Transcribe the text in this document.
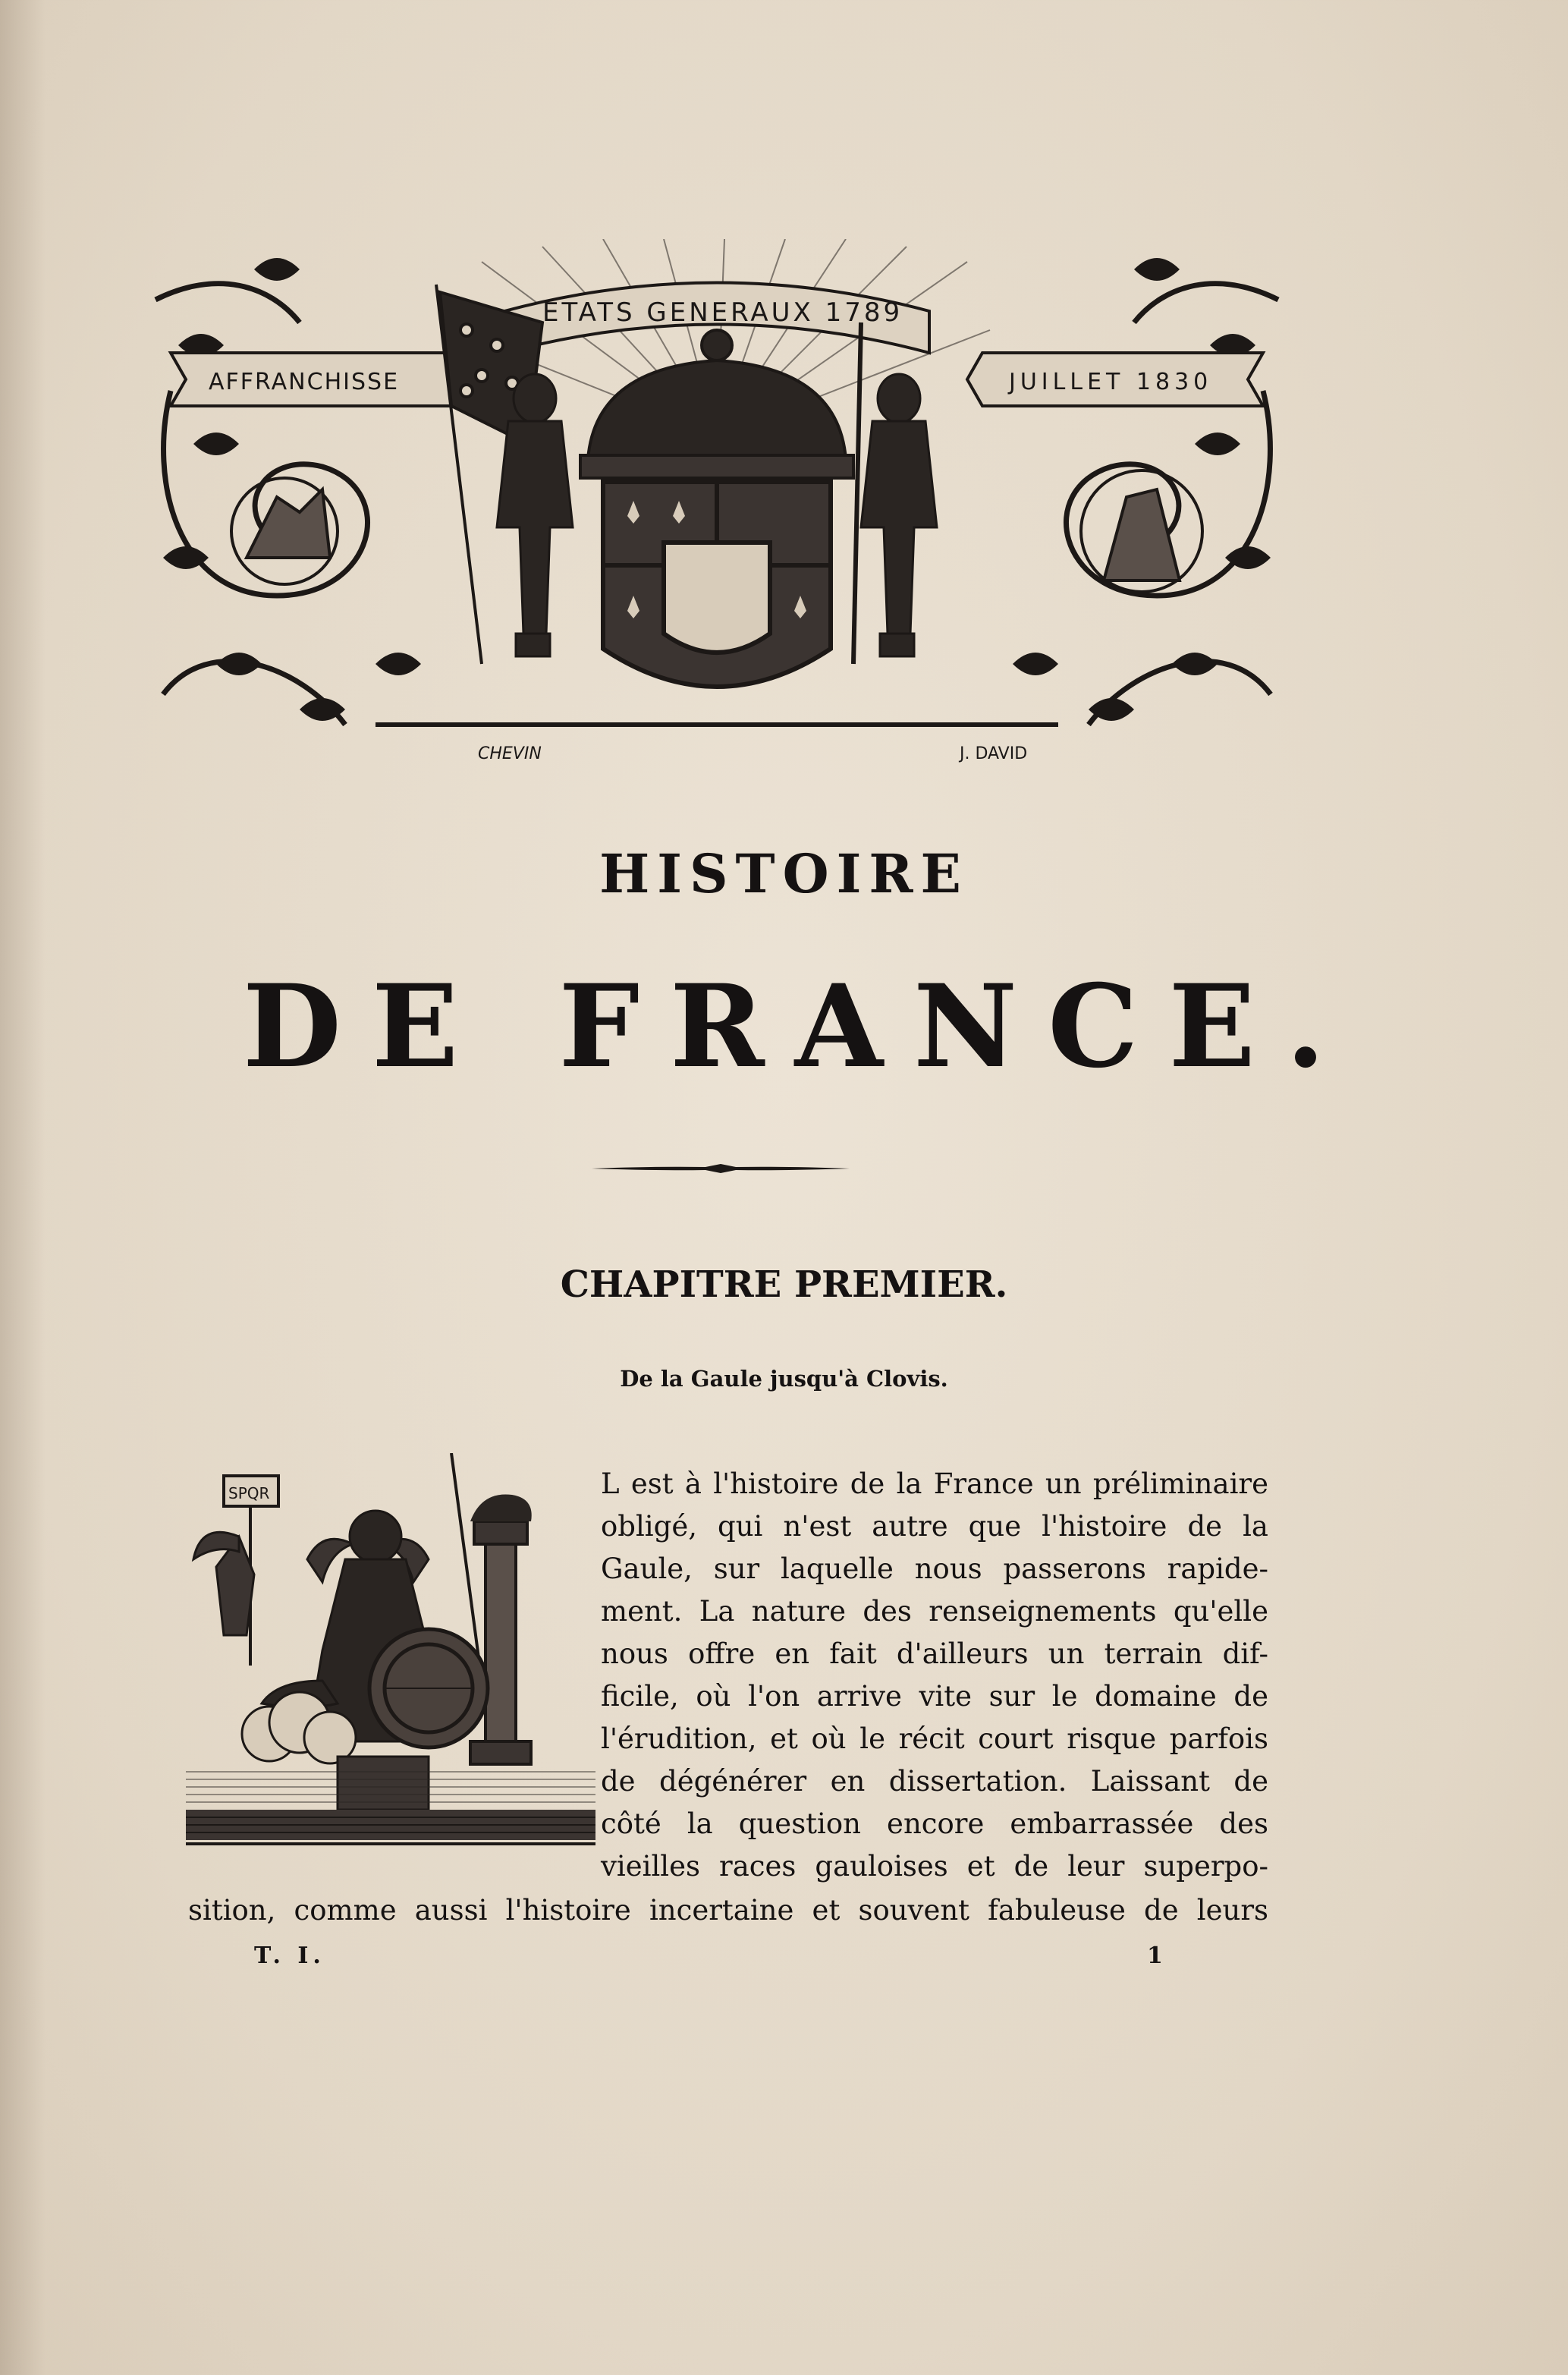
AFFRANCHISSE
ETATS GENERAUX 1789
JUILLET 1830
CHEVIN	J. DAVID
HISTOIRE
DE FRANCE.
CHAPITRE PREMIER.
De la Gaule jusqu'à Clovis.
SPQR	L est à l'histoire de la France un préliminaire
obligé, qui n'est autre que l'histoire de la
Gaule, sur laquelle nous passerons rapide-
ment. La nature des renseignements qu'elle
nous offre en fait d'ailleurs un terrain dif-
ficile, où l'on arrive vite sur le domaine de
l'érudition, et où le récit court risque parfois
de dégénérer en dissertation. Laissant de
côté la question encore embarrassée des
vieilles races gauloises et de leur superpo-
sition, comme aussi l'histoire incertaine et souvent fabuleuse de leurs
T. I.	1
